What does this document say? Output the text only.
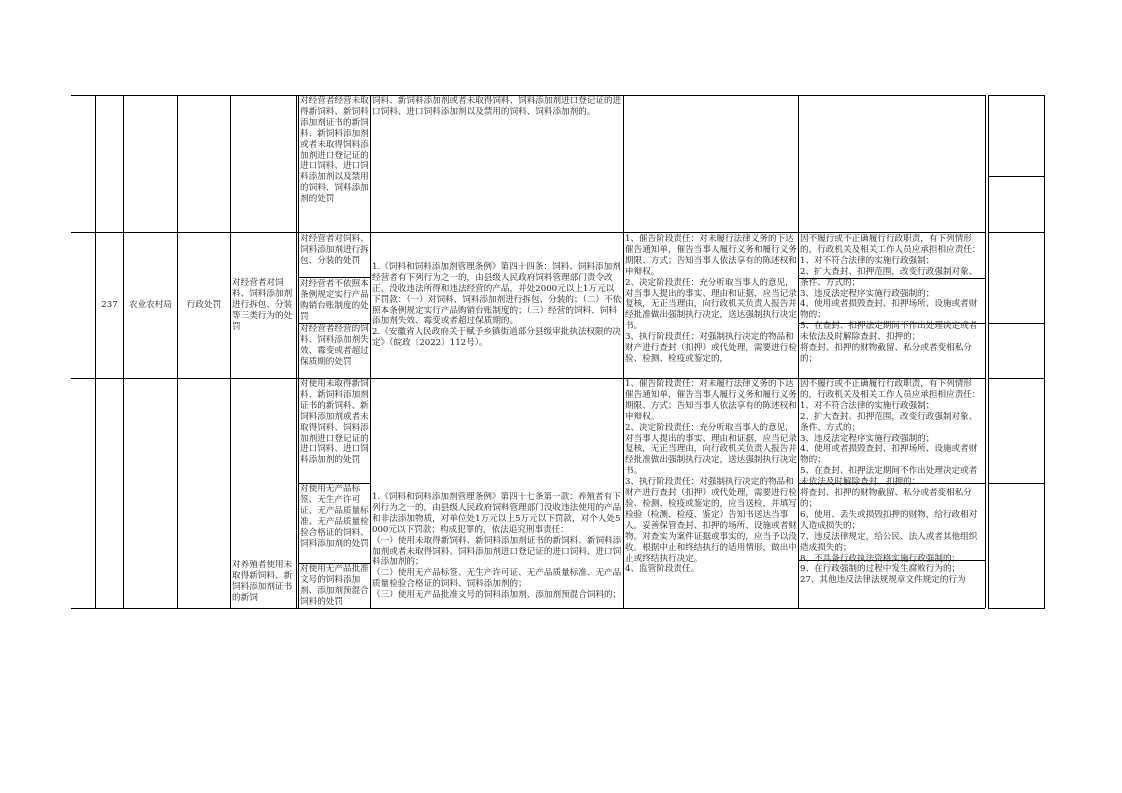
对经营者经营未取得新饲料、新饲料添加剂证书的新饲料、新饲料添加剂或者未取得饲料添加剂进口登记证的进口饲料、进口饲料添加剂以及禁用的饲料、饲料添加剂的处罚
饲料、新饲料添加剂或者未取得饲料、饲料添加剂进口登记证的进口饲料、进口饲料添加剂以及禁用的饲料、饲料添加剂的。
237	农业农村局	行政处罚
对经营者对饲料、饲料添加剂进行拆包、分装等三类行为的处罚
对经营者对饲料、饲料添加剂进行拆包、分装的处罚
对经营者不依照本条例规定实行产品购销台账制度的处罚
对经营者经营的饲料、饲料添加剂失效、霉变或者超过保质期的处罚
1.《饲料和饲料添加剂管理条例》第四十四条：饲料、饲料添加剂经营者有下列行为之一的，由县级人民政府饲料管理部门责令改正，没收违法所得和违法经营的产品，并处2000元以上1万元以下罚款：（一）对饲料、饲料添加剂进行拆包、分装的；（二）不依照本条例规定实行产品购销台账制度的；（三）经营的饲料、饲料添加剂失效、霉变或者超过保质期的。
2.《安徽省人民政府关于赋予乡镇街道部分县级审批执法权限的决定》（皖政〔2022〕112号）。
1、催告阶段责任：对未履行法律义务的下达催告通知单，催告当事人履行义务和履行义务期限、方式；告知当事人依法享有的陈述权和申辩权。
2、决定阶段责任：充分听取当事人的意见，对当事人提出的事实、理由和证据，应当记录复核，无正当理由，向行政机关负责人报告并经批准做出强制执行决定，送达强制执行决定书。
3、执行阶段责任：对强制执行决定的物品和财产进行查封（扣押）或代处理，需要进行检验、检测、检疫或鉴定的，
因不履行或不正确履行行政职责，有下列情形的，行政机关及相关工作人员应承担相应责任： 1、对不符合法律的实施行政强制；
2、扩大查封、扣押范围，改变行政强制对象、条件、方式的；
3、违反法定程序实施行政强制的；
4、使用或者损毁查封、扣押场所、设施或者财物的；
5、在查封、扣押法定期间不作出处理决定或者未依法及时解除查封、扣押的；
将查封、扣押的财物截留、私分或者变相私分的；
对养殖者使用未取得新饲料、新饲料添加剂证书的新饲
对使用未取得新饲料、新饲料添加剂证书的新饲料、新饲料添加剂或者未取得饲料、饲料添加剂进口登记证的进口饲料、进口饲料添加剂的处罚
对使用无产品标签、无生产许可证、无产品质量标准、无产品质量检验合格证的饲料、饲料添加剂的处罚
对使用无产品批准文号的饲料添加剂、添加剂预混合饲料的处罚
1.《饲料和饲料添加剂管理条例》第四十七条第一款：养殖者有下列行为之一的，由县级人民政府饲料管理部门没收违法使用的产品和非法添加物质，对单位处1万元以上5万元以下罚款，对个人处5000元以下罚款；构成犯罪的，依法追究刑事责任：
（一）使用未取得新饲料、新饲料添加剂证书的新饲料、新饲料添加剂或者未取得饲料、饲料添加剂进口登记证的进口饲料、进口饲料添加剂的；
（二）使用无产品标签、无生产许可证、无产品质量标准、无产品质量检验合格证的饲料、饲料添加剂的；
（三）使用无产品批准文号的饲料添加剂、添加剂预混合饲料的；
1、催告阶段责任：对未履行法律义务的下达催告通知单，催告当事人履行义务和履行义务期限、方式；告知当事人依法享有的陈述权和申辩权。
2、决定阶段责任：充分听取当事人的意见，对当事人提出的事实、理由和证据，应当记录复核，无正当理由，向行政机关负责人报告并经批准做出强制执行决定，送达强制执行决定书。
3、执行阶段责任：对强制执行决定的物品和财产进行查封（扣押）或代处理，需要进行检验、检测、检疫或鉴定的，应当送检，并填写检验（检测、检疫、鉴定）告知书送达当事人。妥善保管查封、扣押的场所、设施或者财物。对查实为案件证据或事实的，应当予以没收。根据中止和终结执行的适用情形，做出中止或终结执行决定。
4、监管阶段责任。
因不履行或不正确履行行政职责，有下列情形的，行政机关及相关工作人员应承担相应责任： 1、对不符合法律的实施行政强制；
2、扩大查封、扣押范围，改变行政强制对象、条件、方式的；
3、违反法定程序实施行政强制的；
4、使用或者损毁查封、扣押场所、设施或者财物的；
5、在查封、扣押法定期间不作出处理决定或者未依法及时解除查封、扣押的；
将查封、扣押的财物截留、私分或者变相私分的；
6、使用、丢失或损毁扣押的财物，给行政相对人造成损失的；
7、违反法律规定，给公民、法人或者其他组织造成损失的；
8、不具备行政执法资格实施行政强制的；
9、在行政强制的过程中发生腐败行为的；
27、其他违反法律法规规章文件规定的行为
